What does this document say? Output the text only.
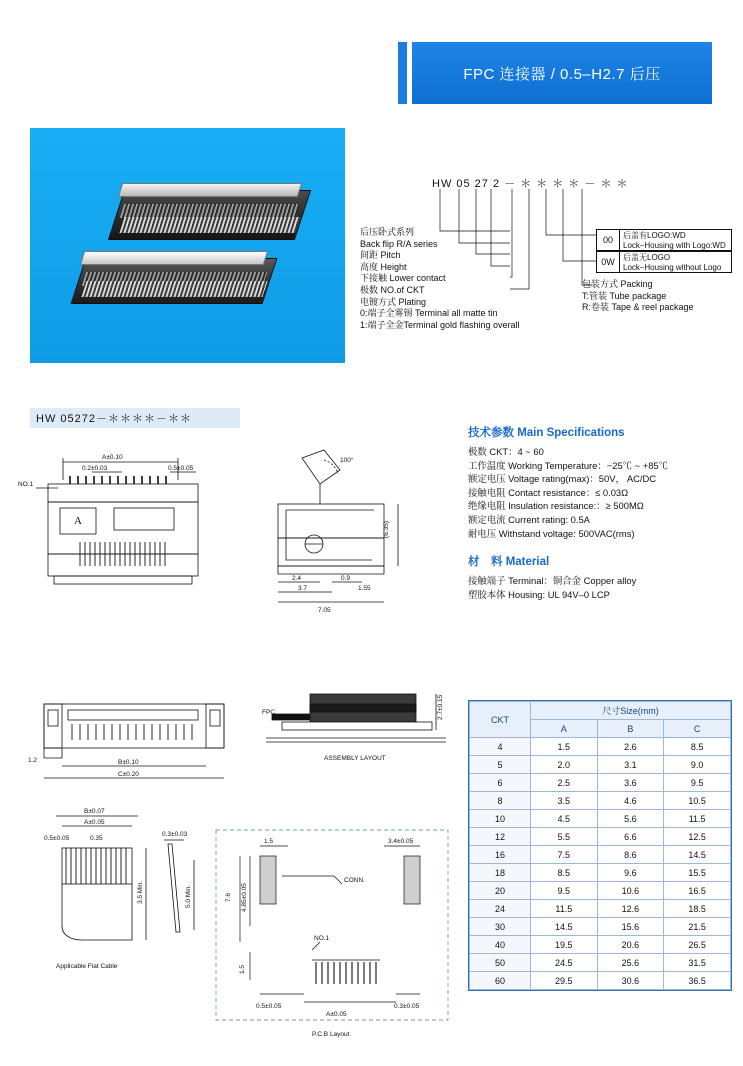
FPC 连接器 / 0.5–H2.7 后压
HW 05 27 2 － ＊ ＊ ＊ ＊ － ＊ ＊
后压卧式系列
Back flip R/A series
间距 Pitch
高度 Height
下接触 Lower contact
极数 NO.of CKT
电镀方式 Plating
0:端子全雾锡 Terminal all matte tin
1:端子全金Terminal gold flashing overall
00	后盖有LOGO:WD
Lock–Housing with Logo:WD
0W	后盖无LOGO
Lock–Housing without Logo
包装方式 Packing
T:管装 Tube package
R:卷装 Tape & reel package
HW 05272－＊＊＊＊－＊＊
技术参数 Main Specifications

极数 CKT：4 ~ 60

工作温度 Working Temperature：−25℃ ~ +85℃

额定电压 Voltage rating(max)：50V， AC/DC

接触电阻 Contact resistance：≤ 0.03Ω

绝缘电阻 Insulation resistance:：≥ 500MΩ

额定电流 Current rating: 0.5A

耐电压 Withstand voltage: 500VAC(rms)

材　料 Material

接触端子 Terminal：铜合金 Copper alloy

塑胶本体 Housing: UL 94V–0 LCP

A±0.10
0.2±0.03	0.5±0.05
NO.1
A
100°
(6.35)
2.4	0.9
3.7	1.55
7.05
1.2	B±0.10
C±0.20
FPC	2.7±0.15
ASSEMBLY LAYOUT
B±0.07
A±0.05
0.5±0.05	0.35
3.5 Min.
0.3±0.03
5.0 Min.
Applicable Flat Cable
1.5	3.4±0.05
7.6 4.85±0.05
1.5
0.5±0.05
A±0.05
0.3±0.05
CONN.
NO.1
P.C.B Layout
CKT	尺寸Size(mm)		
	A	B	C
4	1.5	2.6	8.5
5	2.0	3.1	9.0
6	2.5	3.6	9.5
8	3.5	4.6	10.5
10	4.5	5.6	11.5
12	5.5	6.6	12.5
16	7.5	8.6	14.5
18	8.5	9.6	15.5
20	9.5	10.6	16.5
24	11.5	12.6	18.5
30	14.5	15.6	21.5
40	19.5	20.6	26.5
50	24.5	25.6	31.5
60	29.5	30.6	36.5
